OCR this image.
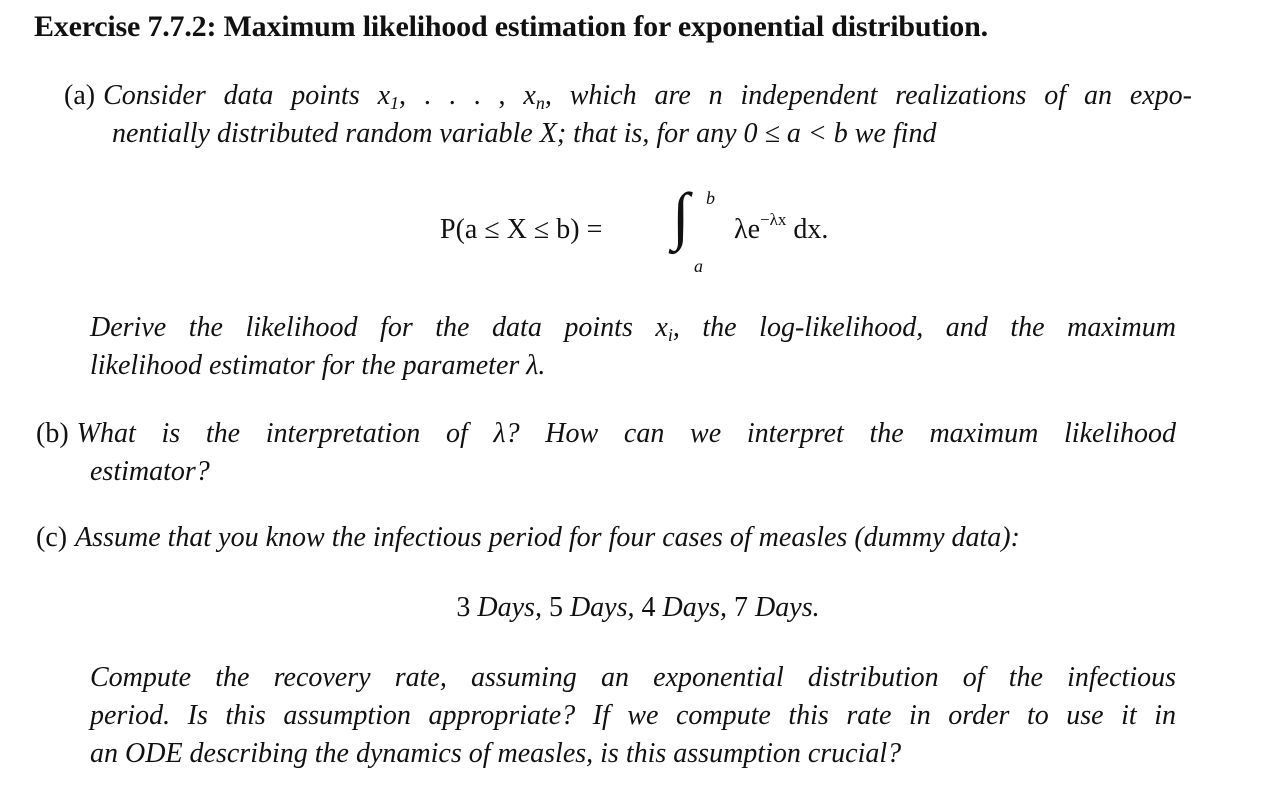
Exercise 7.7.2: Maximum likelihood estimation for exponential distribution.
(a) Consider data points $x_1$, . . . , $x_n$, which are n independent realizations of an expo-
nentially distributed random variable X; that is, for any 0 ≤ a < b we find
P(a ≤ X ≤ b) = ∫ b
a
$\lambda e^{-\lambda x}$ dx.
Derive the likelihood for the data points $x_i$, the log-likelihood, and the maximum
likelihood estimator for the parameter λ.
(b) What is the interpretation of λ? How can we interpret the maximum likelihood
estimator?
(c) Assume that you know the infectious period for four cases of measles (dummy data):
3 Days, 5 Days, 4 Days, 7 Days.
Compute the recovery rate, assuming an exponential distribution of the infectious
period. Is this assumption appropriate? If we compute this rate in order to use it in
an ODE describing the dynamics of measles, is this assumption crucial?
